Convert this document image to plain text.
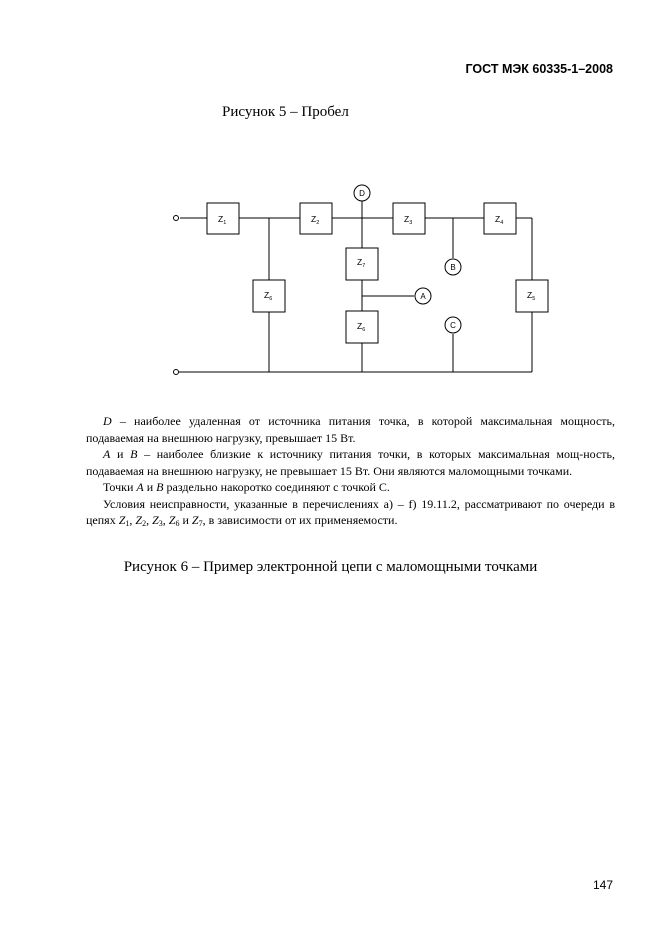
ГОСТ МЭК 60335-1–2008
Рисунок 5 – Пробел
$Z_1$	$Z_2$	$Z_3$	$Z_4$
$Z_5$
$Z_6$
$Z_7$
$Z_6$
D
A
B
C

D – наиболее удаленная от источника питания точка, в которой максимальная мощность, подаваемая на внешнюю нагрузку, превышает 15 Вт.

A и B – наиболее близкие к источнику питания точки, в которых максимальная мощ-ность, подаваемая на внешнюю нагрузку, не превышает 15 Вт. Они являются маломощными точками.

Точки A и B раздельно накоротко соединяют с точкой С.

Условия неисправности, указанные в перечислениях а) – f) 19.11.2, рассматривают по очереди в цепях $Z_1$, $Z_2$, $Z_3$, $Z_6$ и $Z_7$, в зависимости от их применяемости.

Рисунок 6 – Пример электронной цепи с маломощными точками
147
